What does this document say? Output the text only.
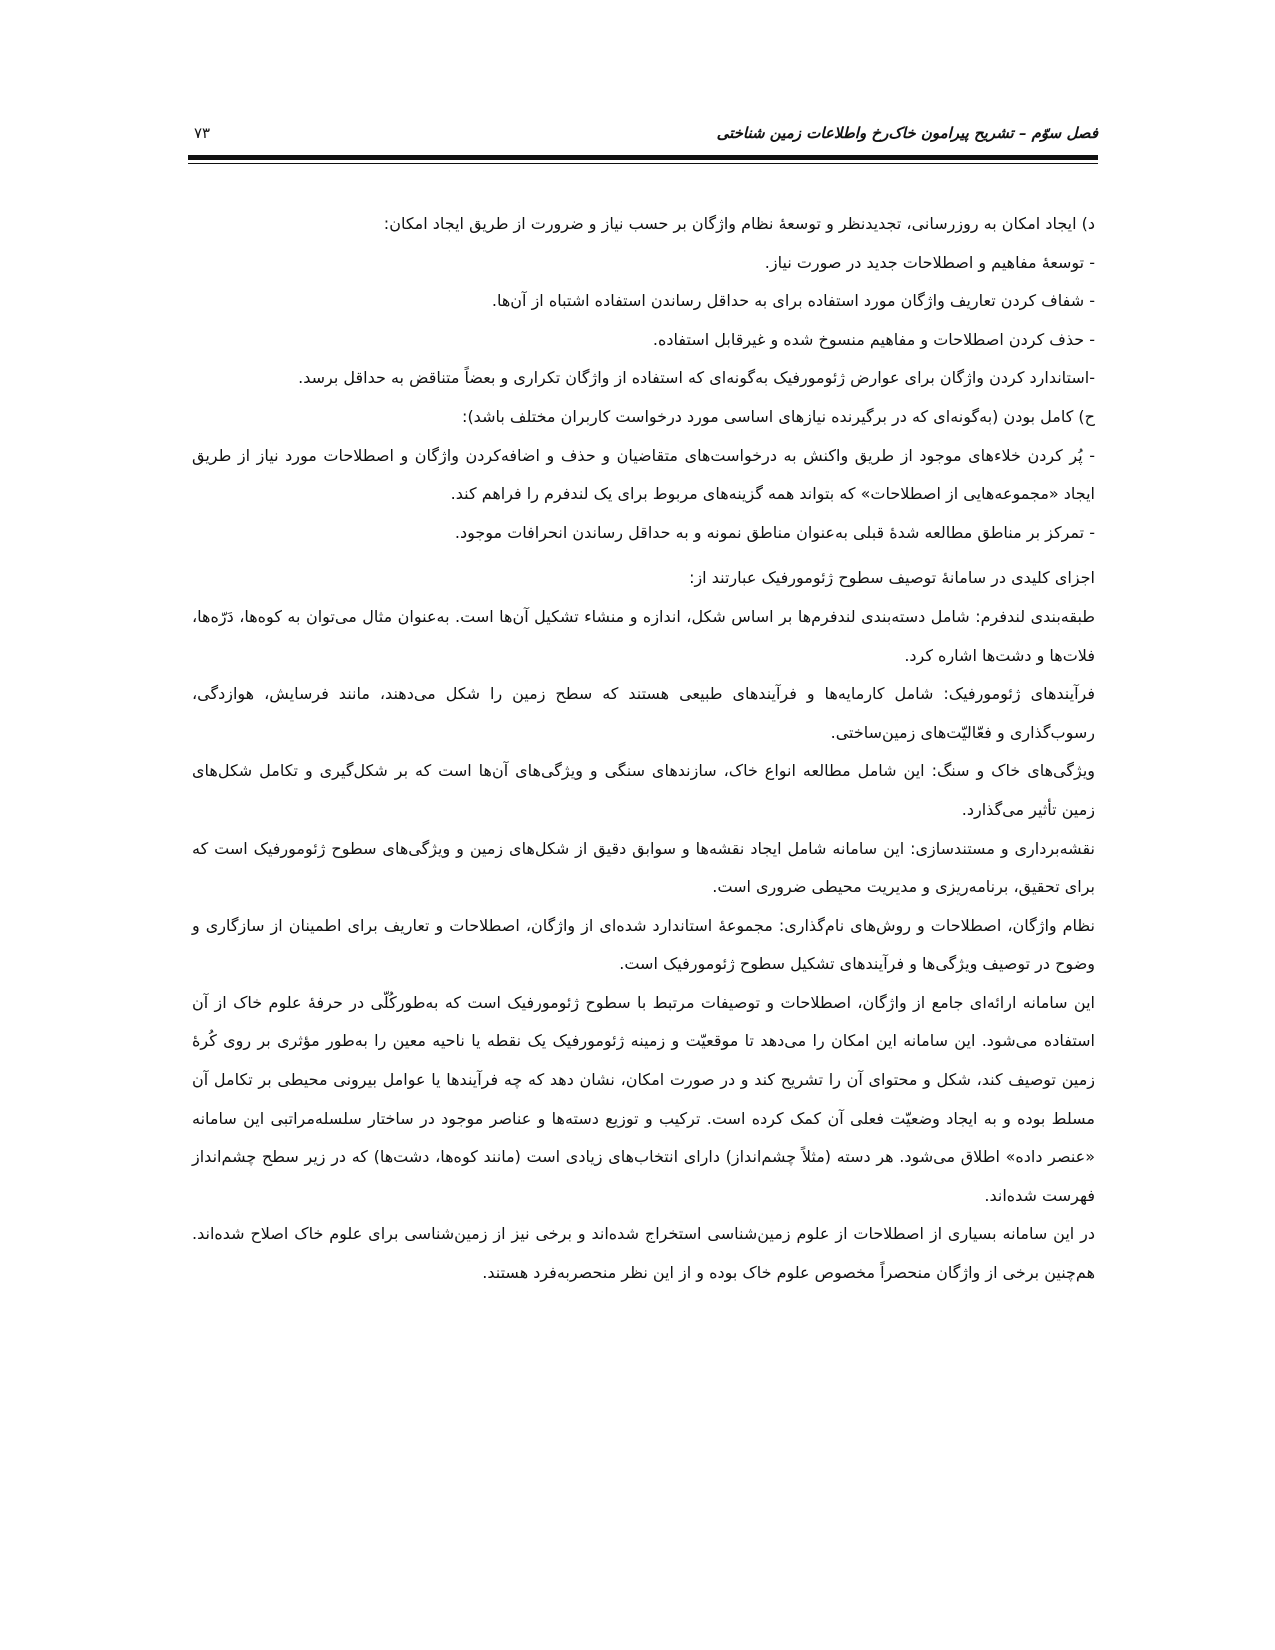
فصل سوّم – تشریح پیرامون خاک‌رخ واطلاعات زمین شناختی
۷۳

د) ایجاد امکان به روزرسانی، تجدیدنظر و توسعهٔ نظام واژگان بر حسب نیاز و ضرورت از طریق ایجاد امکان:

- توسعهٔ مفاهیم و اصطلاحات جدید در صورت نیاز.

- شفاف کردن تعاریف واژگان مورد استفاده برای به حداقل رساندن استفاده اشتباه از آن‌ها.

- حذف کردن اصطلاحات و مفاهیم منسوخ شده و غیرقابل استفاده.

-استاندارد کردن واژگان برای عوارض ژئومورفیک به‌گونه‌ای که استفاده از واژگان تکراری و بعضاً متناقض به حداقل برسد.

ح) کامل بودن (به‌گونه‌ای که در برگیرنده نیازهای اساسی مورد درخواست کاربران مختلف باشد):

- پُر کردن خلاءهای موجود از طریق واکنش به درخواست‌های متقاضیان و حذف و اضافه‌کردن واژگان و اصطلاحات مورد نیاز از طریق ایجاد «مجموعه‌هایی از اصطلاحات» که بتواند همه گزینه‌های مربوط برای یک لندفرم را فراهم کند.

- تمرکز بر مناطق مطالعه شدهٔ قبلی به‌عنوان مناطق نمونه و به حداقل رساندن انحرافات موجود.

اجزای کلیدی در سامانهٔ توصیف سطوح ژئومورفیک عبارتند از:

طبقه‌بندی لندفرم: شامل دسته‌بندی لندفرم‌ها بر اساس شکل، اندازه و منشاء تشکیل آن‌ها است. به‌عنوان مثال می‌توان به کوه‌ها، دَرّه‌ها، فلات‌ها و دشت‌ها اشاره کرد.

فرآیندهای ژئومورفیک: شامل کارمایه‌ها و فرآیندهای طبیعی هستند که سطح زمین را شکل می‌دهند، مانند فرسایش، هوازدگی، رسوب‌گذاری و فعّالیّت‌های زمین‌ساختی.

ویژگی‌های خاک و سنگ: این شامل مطالعه انواع خاک، سازندهای سنگی و ویژگی‌های آن‌ها است که بر شکل‌گیری و تکامل شکل‌های زمین تأثیر می‌گذارد.

نقشه‌برداری و مستندسازی: این سامانه شامل ایجاد نقشه‌ها و سوابق دقیق از شکل‌های زمین و ویژگی‌های سطوح ژئومورفیک است که برای تحقیق، برنامه‌ریزی و مدیریت محیطی ضروری است.

نظام واژگان، اصطلاحات و روش‌های نام‌گذاری: مجموعهٔ استاندارد شده‌ای از واژگان، اصطلاحات و تعاریف برای اطمینان از سازگاری و وضوح در توصیف ویژگی‌ها و فرآیندهای تشکیل سطوح ژئومورفیک است.

این سامانه ارائه‌ای جامع از واژگان، اصطلاحات و توصیفات مرتبط با سطوح ژئومورفیک است که به‌طورکُلّی در حرفهٔ علوم خاک از آن استفاده می‌شود. این سامانه این امکان را می‌دهد تا موقعیّت و زمینه ژئومورفیک یک نقطه یا ناحیه معین را به‌طور مؤثری بر روی کُرهٔ زمین توصیف کند، شکل و محتوای آن را تشریح کند و در صورت امکان، نشان دهد که چه فرآیندها یا عوامل بیرونی محیطی بر تکامل آن مسلط بوده و به ایجاد وضعیّت فعلی آن کمک کرده است. ترکیب و توزیع دسته‌ها و عناصر موجود در ساختار سلسله‌مراتبی این سامانه «عنصر داده» اطلاق می‌شود. هر دسته (مثلاً چشم‌انداز) دارای انتخاب‌های زیادی است (مانند کوه‌ها، دشت‌ها) که در زیر سطح چشم‌انداز فهرست شده‌اند.

در این سامانه بسیاری از اصطلاحات از علوم زمین‌شناسی استخراج شده‌اند و برخی نیز از زمین‌شناسی برای علوم خاک اصلاح شده‌اند. هم‌چنین برخی از واژگان منحصراً مخصوص علوم خاک بوده و از این نظر منحصربه‌فرد هستند.
